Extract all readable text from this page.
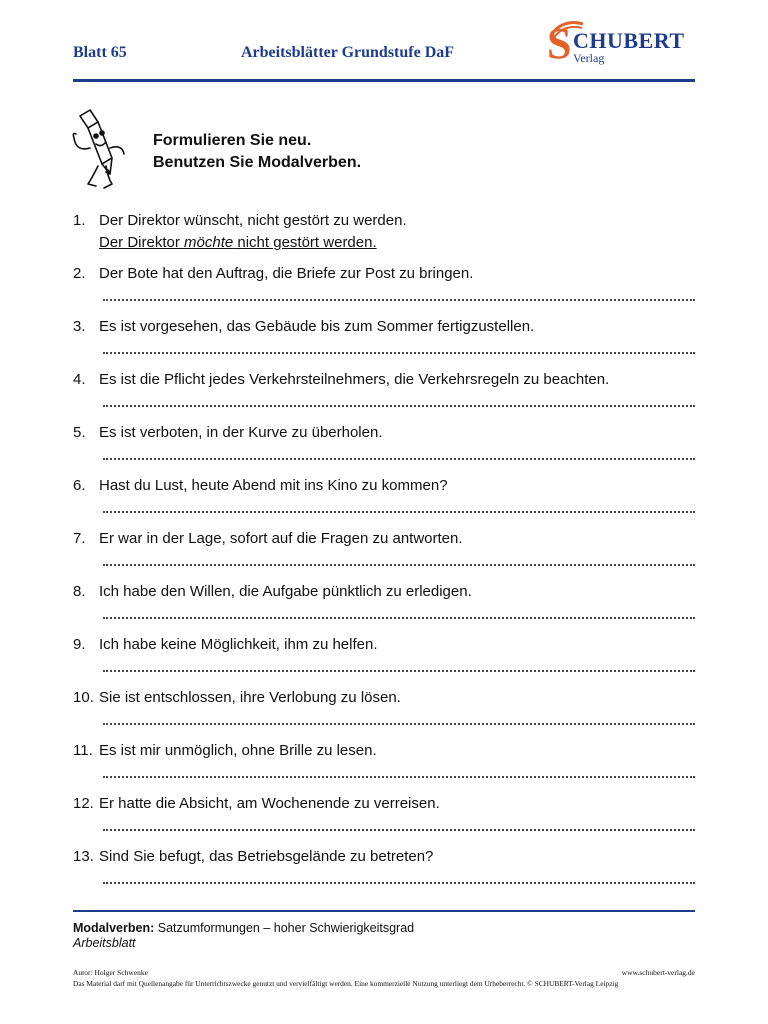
Blatt 65	Arbeitsblätter Grundstufe DaF S CHUBERT
Verlag
Formulieren Sie neu.
Benutzen Sie Modalverben.
1. Der Direktor wünscht, nicht gestört zu werden.
Der Direktor möchte nicht gestört werden.
2. Der Bote hat den Auftrag, die Briefe zur Post zu bringen.
3. Es ist vorgesehen, das Gebäude bis zum Sommer fertigzustellen.
4. Es ist die Pflicht jedes Verkehrsteilnehmers, die Verkehrsregeln zu beachten.
5. Es ist verboten, in der Kurve zu überholen.
6. Hast du Lust, heute Abend mit ins Kino zu kommen?
7. Er war in der Lage, sofort auf die Fragen zu antworten.
8. Ich habe den Willen, die Aufgabe pünktlich zu erledigen.
9. Ich habe keine Möglichkeit, ihm zu helfen.
10. Sie ist entschlossen, ihre Verlobung zu lösen.
11. Es ist mir unmöglich, ohne Brille zu lesen.
12. Er hatte die Absicht, am Wochenende zu verreisen.
13. Sind Sie befugt, das Betriebsgelände zu betreten?
Modalverben: Satzumformungen – hoher Schwierigkeitsgrad
Arbeitsblatt
Autor: Holger Schwenke	www.schubert-verlag.de
Das Material darf mit Quellenangabe für Unterrichtszwecke genutzt und vervielfältigt werden. Eine kommerzielle Nutzung unterliegt dem Urheberrecht. © SCHUBERT-Verlag Leipzig
